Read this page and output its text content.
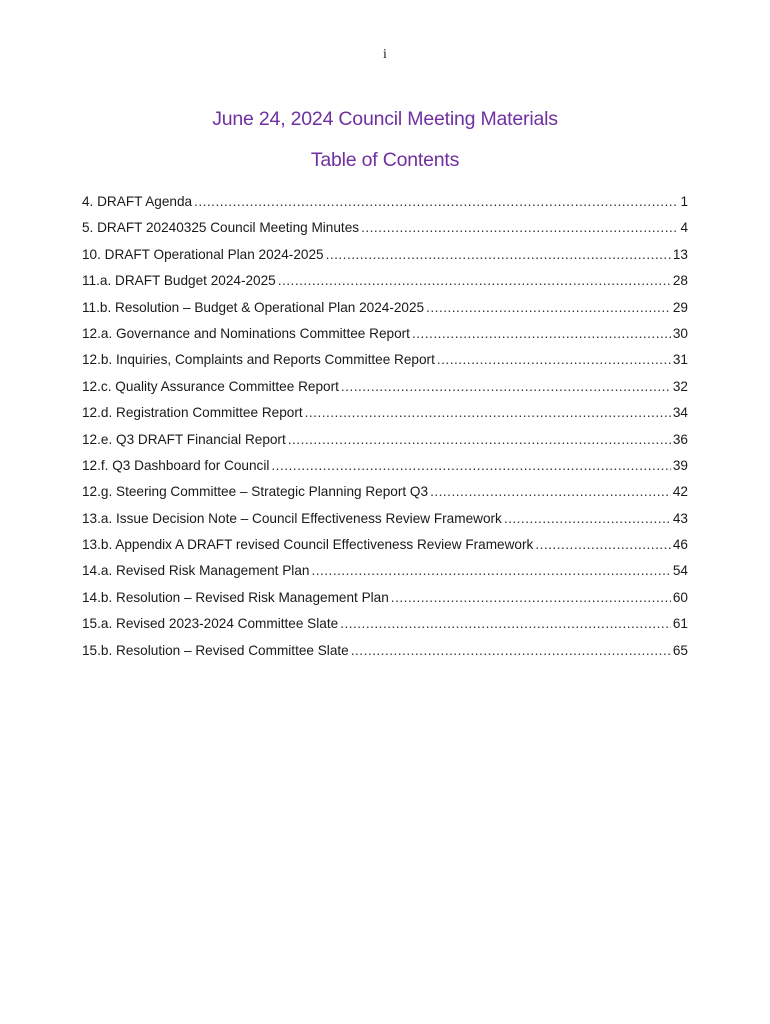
i
June 24, 2024 Council Meeting Materials
Table of Contents
4. DRAFT Agenda .....	1
5. DRAFT 20240325 Council Meeting Minutes .....	4
10. DRAFT Operational Plan 2024-2025 .....	13
11.a. DRAFT Budget 2024-2025 .....	28
11.b. Resolution – Budget & Operational Plan 2024-2025 .....	29
12.a. Governance and Nominations Committee Report .....	30
12.b. Inquiries, Complaints and Reports Committee Report .....	31
12.c. Quality Assurance Committee Report .....	32
12.d. Registration Committee Report .....	34
12.e. Q3 DRAFT Financial Report .....	36
12.f. Q3 Dashboard for Council .....	39
12.g. Steering Committee – Strategic Planning Report Q3 .....	42
13.a. Issue Decision Note – Council Effectiveness Review Framework .....	43
13.b. Appendix A DRAFT revised Council Effectiveness Review Framework .....	46
14.a. Revised Risk Management Plan .....	54
14.b. Resolution – Revised Risk Management Plan .....	60
15.a. Revised 2023-2024 Committee Slate .....	61
15.b. Resolution – Revised Committee Slate .....	65
